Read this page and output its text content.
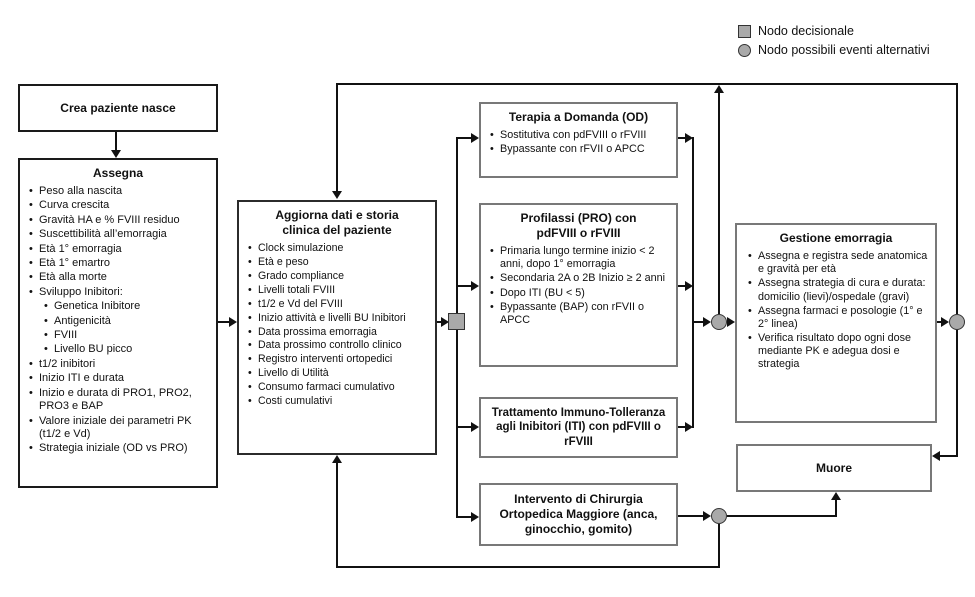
Nodo decisionale
Nodo possibili eventi alternativi
Crea paziente nasce
Assegna
• Peso alla nascita
• Curva crescita
• Gravità HA e % FVIII residuo
• Suscettibilità all’emorragia
• Età 1° emorragia
• Età 1° emartro
• Età alla morte
• Sviluppo Inibitori:
• Genetica Inibitore
• Antigenicità
• FVIII
• Livello BU picco
• t1/2 inibitori
• Inizio ITI e durata
• Inizio e durata di PRO1, PRO2, PRO3 e BAP
• Valore iniziale dei parametri PK (t1/2 e Vd)
• Strategia iniziale (OD vs PRO)
Aggiorna dati e storia clinica del paziente
• Clock simulazione
• Età e peso
• Grado compliance
• Livelli totali FVIII
• t1/2 e Vd del FVIII
• Inizio attività e livelli BU Inibitori
• Data prossima emorragia
• Data prossimo controllo clinico
• Registro interventi ortopedici
• Livello di Utilità
• Consumo farmaci cumulativo
• Costi cumulativi
Terapia a Domanda (OD)
• Sostitutiva con pdFVIII o rFVIII
• Bypassante con rFVII o APCC
Profilassi (PRO) con pdFVIII o rFVIII
• Primaria lungo termine inizio < 2 anni, dopo 1° emorragia
• Secondaria 2A o 2B Inizio ≥ 2 anni
• Dopo ITI (BU < 5)
• Bypassante (BAP) con rFVII o APCC
Trattamento Immuno-Tolleranza agli Inibitori (ITI) con pdFVIII o rFVIII
Intervento di Chirurgia Ortopedica Maggiore (anca, ginocchio, gomito)
Gestione emorragia
• Assegna e registra sede anatomica e gravità per età
• Assegna strategia di cura e durata: domicilio (lievi)/ospedale (gravi)
• Assegna farmaci e posologie (1° e 2° linea)
• Verifica risultato dopo ogni dose mediante PK e adegua dosi e strategia
Muore
